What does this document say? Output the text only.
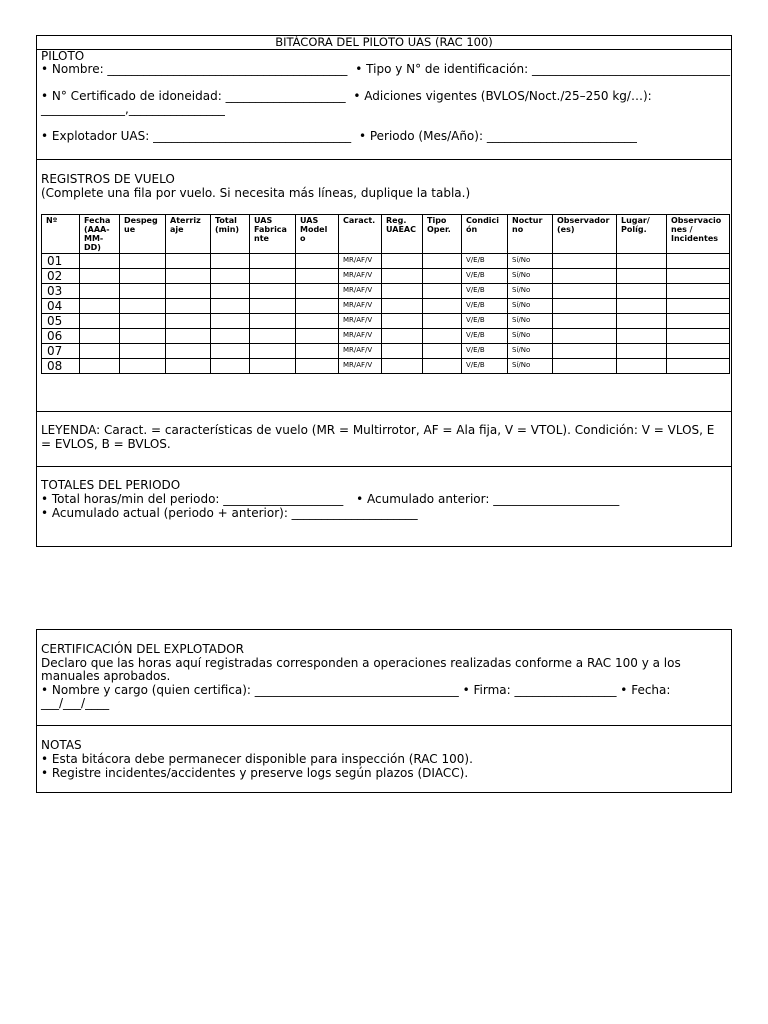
BITÁCORA DEL PILOTO UAS (RAC 100)
PILOTO
• Nombre: ________________________________________ • Tipo y N° de identificación: _________________________________
• N° Certificado de idoneidad: ____________________ • Adiciones vigentes (BVLOS/Noct./25–250 kg/…):
______________,________________
• Explotador UAS: _________________________________ • Periodo (Mes/Año): _________________________
REGISTROS DE VUELO
(Complete una fila por vuelo. Si necesita más líneas, duplique la tabla.)
Nº	Fecha (AAA-MM-DD)	Despeg ue	Aterriz aje	Total (min)	UAS Fabrica nte	UAS Model o	Caract.	Reg. UAEAC	Tipo Oper.	Condici ón	Noctur no	Observador (es)	Lugar/ Políg.	Observacio nes / Incidentes
01							MR/AF/V			V/E/B	Sí/No			
02							MR/AF/V			V/E/B	Sí/No			
03							MR/AF/V			V/E/B	Sí/No			
04							MR/AF/V			V/E/B	Sí/No			
05							MR/AF/V			V/E/B	Sí/No			
06							MR/AF/V			V/E/B	Sí/No			
07							MR/AF/V			V/E/B	Sí/No			
08							MR/AF/V			V/E/B	Sí/No			
LEYENDA: Caract. = características de vuelo (MR = Multirrotor, AF = Ala fija, V = VTOL). Condición: V = VLOS, E = EVLOS, B = BVLOS.
TOTALES DEL PERIODO
• Total horas/min del periodo: ____________________ • Acumulado anterior: _____________________
• Acumulado actual (periodo + anterior): _____________________
CERTIFICACIÓN DEL EXPLOTADOR
Declaro que las horas aquí registradas corresponden a operaciones realizadas conforme a RAC 100 y a los manuales aprobados.
• Nombre y cargo (quien certifica): __________________________________ • Firma: _________________ • Fecha: ___/___/____
NOTAS
• Esta bitácora debe permanecer disponible para inspección (RAC 100).
• Registre incidentes/accidentes y preserve logs según plazos (DIACC).
